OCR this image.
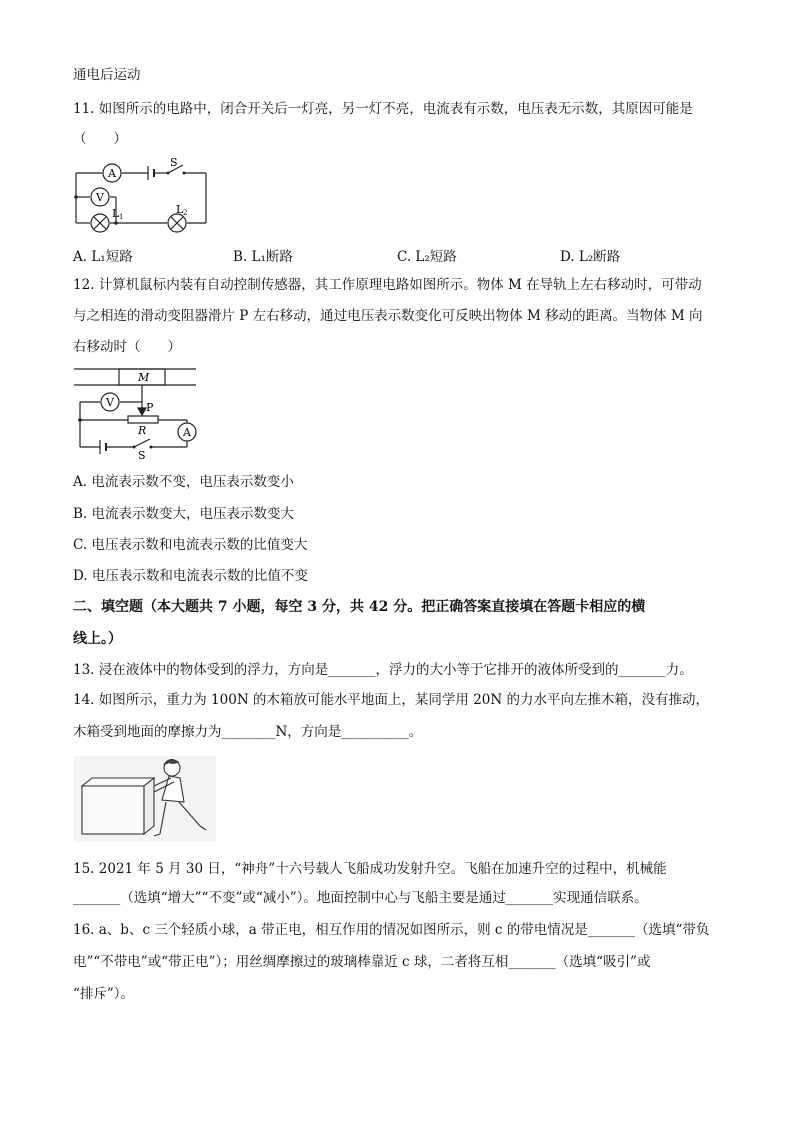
通电后运动
11. 如图所示的电路中，闭合开关后一灯亮，另一灯不亮，电流表有示数，电压表无示数，其原因可能是
（　　）
A
V
S
L 1
L 2
A. L₁短路	B. L₁断路	C. L₂短路	D. L₂断路
12. 计算机鼠标内装有自动控制传感器，其工作原理电路如图所示。物体 M 在导轨上左右移动时，可带动
与之相连的滑动变阻器滑片 P 左右移动，通过电压表示数变化可反映出物体 M 移动的距离。当物体 M 向
右移动时（　　）
M
V	P
R	A
S
A. 电流表示数不变，电压表示数变小
B. 电流表示数变大，电压表示数变大
C. 电压表示数和电流表示数的比值变大
D. 电压表示数和电流表示数的比值不变
二、填空题（本大题共 7 小题，每空 3 分，共 42 分。把正确答案直接填在答题卡相应的横
线上。）
13. 浸在液体中的物体受到的浮力，方向是_______，浮力的大小等于它排开的液体所受到的_______力。
14. 如图所示，重力为 100N 的木箱放可能水平地面上，某同学用 20N 的力水平向左推木箱，没有推动，
木箱受到地面的摩擦力为________N，方向是__________。
15. 2021 年 5 月 30 日，“神舟”十六号载人飞船成功发射升空。飞船在加速升空的过程中，机械能
_______（选填“增大”“不变”或“减小”）。地面控制中心与飞船主要是通过_______实现通信联系。
16. a、b、c 三个轻质小球，a 带正电，相互作用的情况如图所示，则 c 的带电情况是_______（选填“带负
电”“不带电”或“带正电”）；用丝绸摩擦过的玻璃棒靠近 c 球，二者将互相_______（选填“吸引”或
“排斥”）。
